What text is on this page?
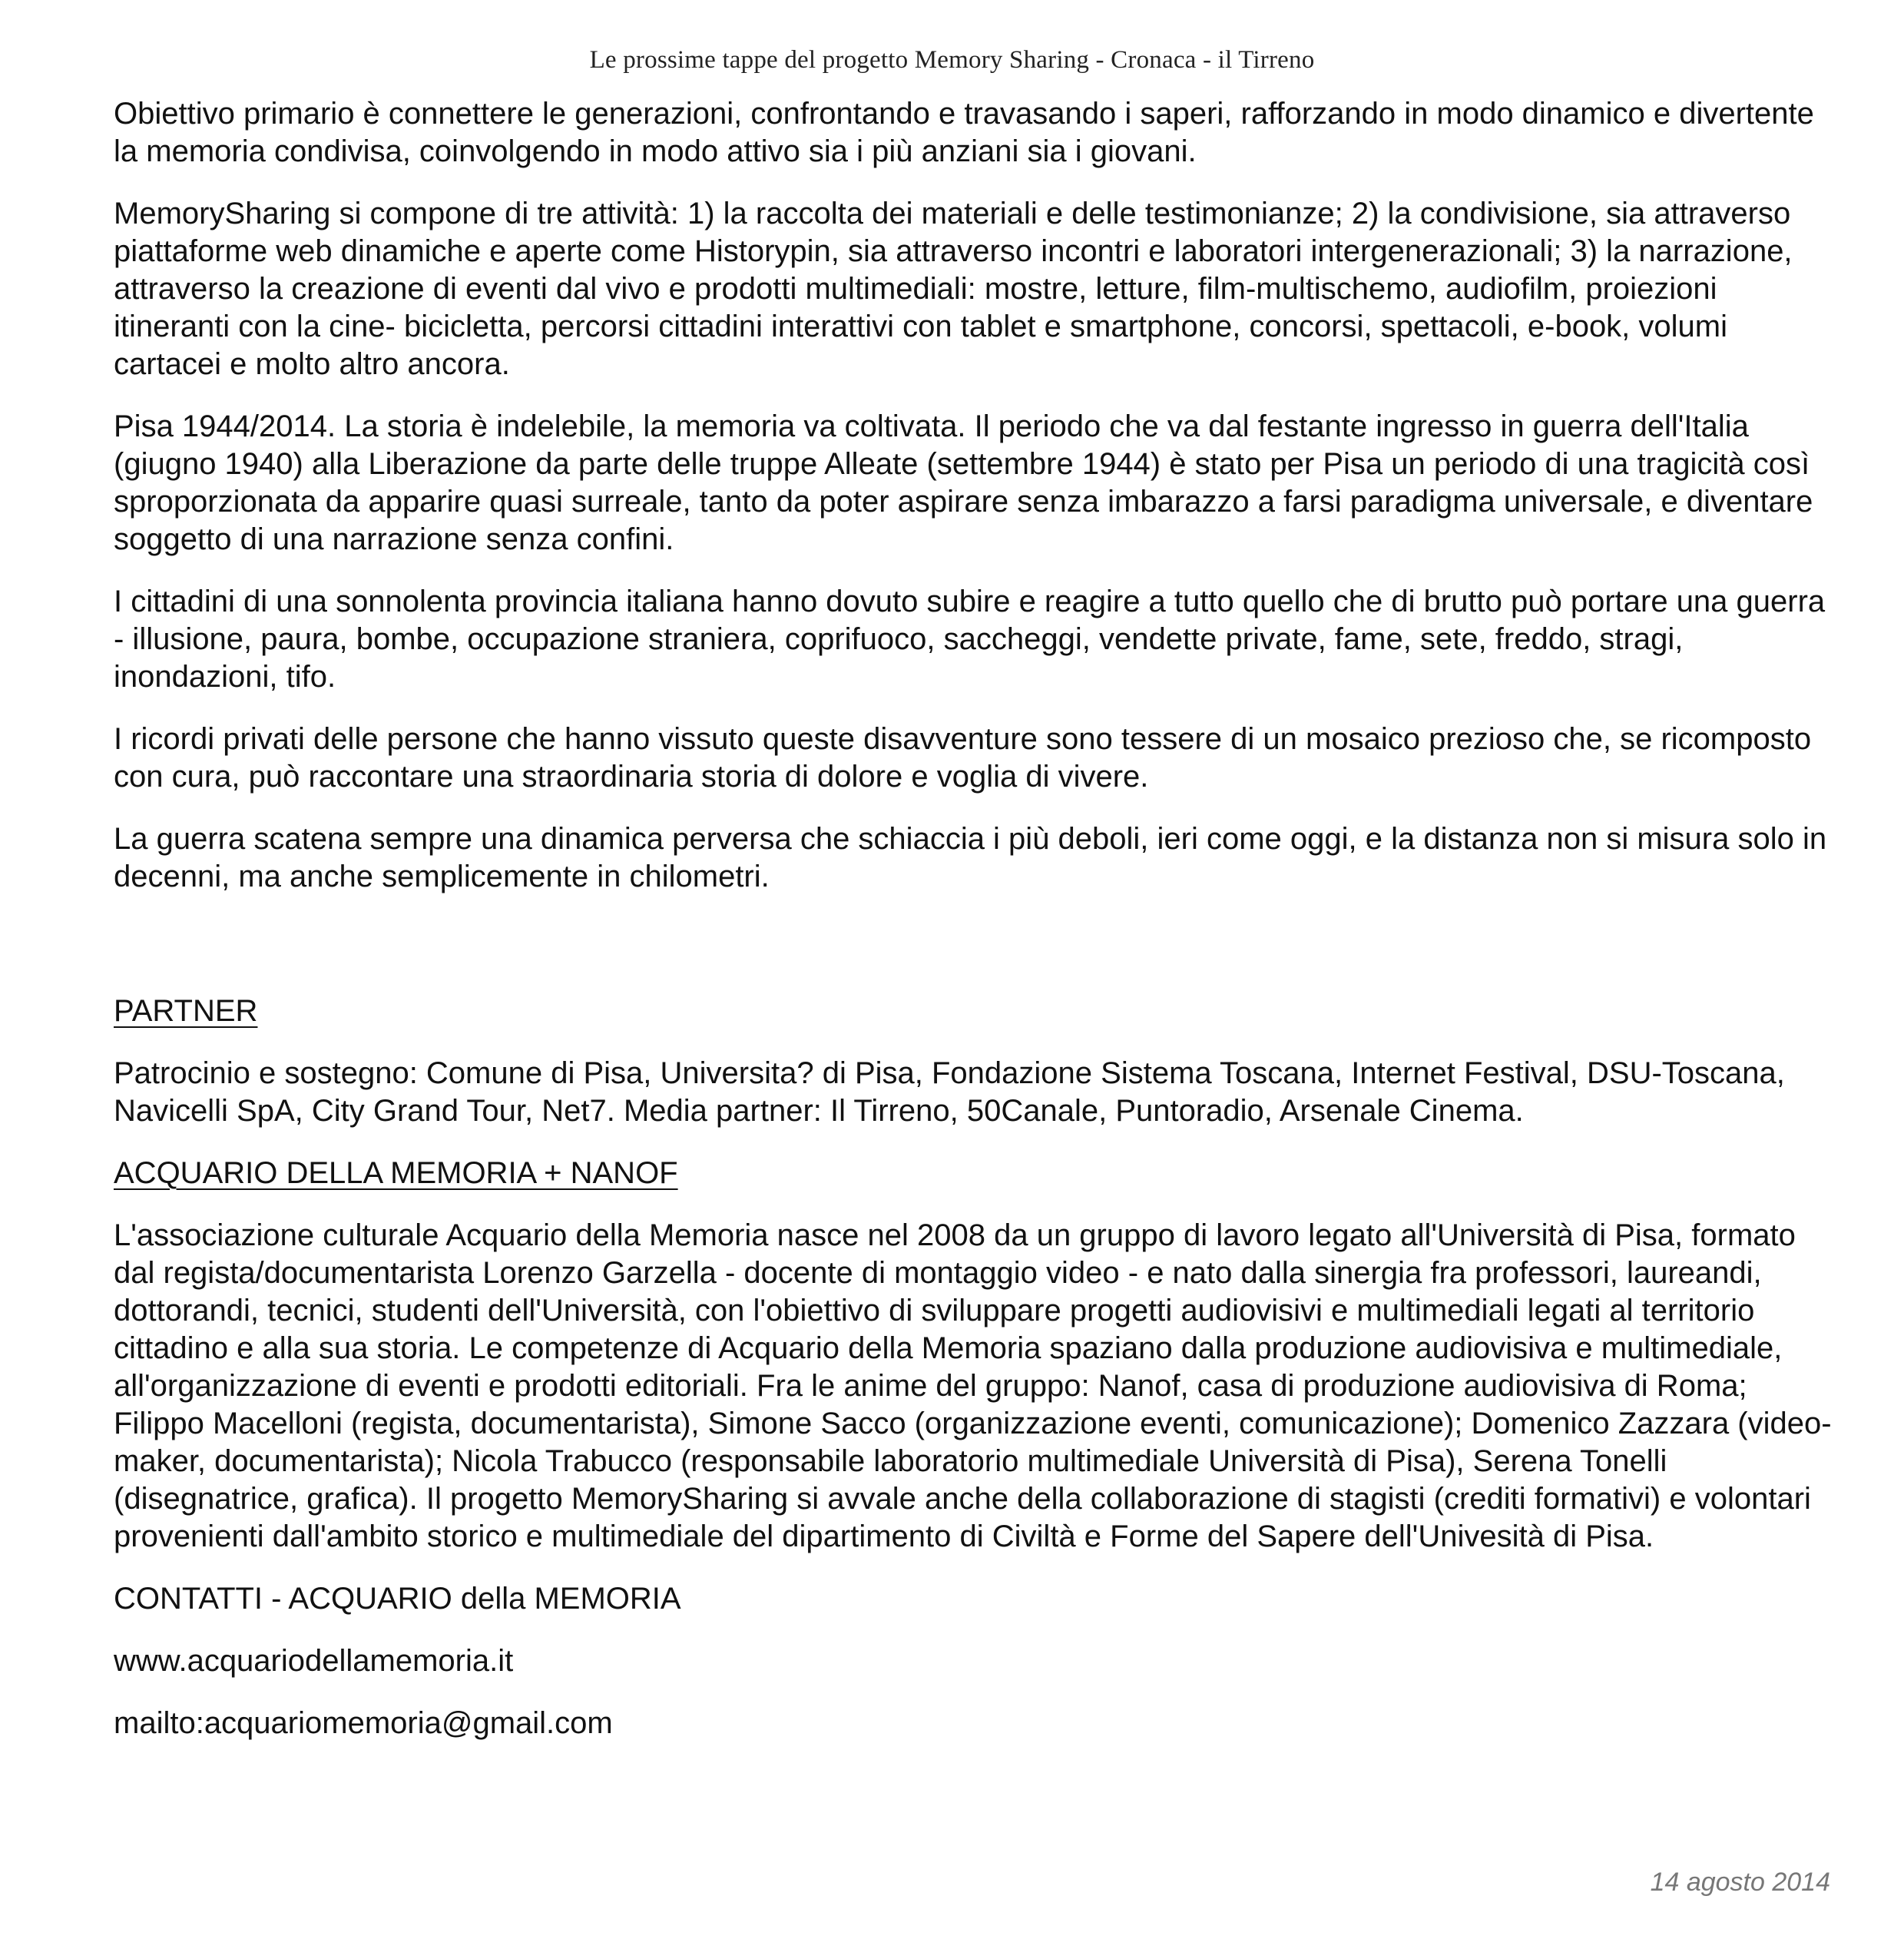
Le prossime tappe del progetto Memory Sharing - Cronaca - il Tirreno

Obiettivo primario è connettere le generazioni, confrontando e travasando i saperi, rafforzando in modo dinamico e divertente la memoria condivisa, coinvolgendo in modo attivo sia i più anziani sia i giovani.

MemorySharing si compone di tre attività: 1) la raccolta dei materiali e delle testimonianze; 2) la condivisione, sia attraverso piattaforme web dinamiche e aperte come Historypin, sia attraverso incontri e laboratori intergenerazionali; 3) la narrazione, attraverso la creazione di eventi dal vivo e prodotti multimediali: mostre, letture, film-multischemo, audiofilm, proiezioni itineranti con la cine- bicicletta, percorsi cittadini interattivi con tablet e smartphone, concorsi, spettacoli, e-book, volumi cartacei e molto altro ancora.

Pisa 1944/2014. La storia è indelebile, la memoria va coltivata. Il periodo che va dal festante ingresso in guerra dell'Italia (giugno 1940) alla Liberazione da parte delle truppe Alleate (settembre 1944) è stato per Pisa un periodo di una tragicità così sproporzionata da apparire quasi surreale, tanto da poter aspirare senza imbarazzo a farsi paradigma universale, e diventare soggetto di una narrazione senza confini.

I cittadini di una sonnolenta provincia italiana hanno dovuto subire e reagire a tutto quello che di brutto può portare una guerra - illusione, paura, bombe, occupazione straniera, coprifuoco, saccheggi, vendette private, fame, sete, freddo, stragi, inondazioni, tifo.

I ricordi privati delle persone che hanno vissuto queste disavventure sono tessere di un mosaico prezioso che, se ricomposto con cura, può raccontare una straordinaria storia di dolore e voglia di vivere.

La guerra scatena sempre una dinamica perversa che schiaccia i più deboli, ieri come oggi, e la distanza non si misura solo in decenni, ma anche semplicemente in chilometri.

PARTNER

Patrocinio e sostegno: Comune di Pisa, Universita? di Pisa, Fondazione Sistema Toscana, Internet Festival, DSU-Toscana, Navicelli SpA, City Grand Tour, Net7. Media partner: Il Tirreno, 50Canale, Puntoradio, Arsenale Cinema.

ACQUARIO DELLA MEMORIA + NANOF

L'associazione culturale Acquario della Memoria nasce nel 2008 da un gruppo di lavoro legato all'Università di Pisa, formato dal regista/documentarista Lorenzo Garzella - docente di montaggio video - e nato dalla sinergia fra professori, laureandi, dottorandi, tecnici, studenti dell'Università, con l'obiettivo di sviluppare progetti audiovisivi e multimediali legati al territorio cittadino e alla sua storia. Le competenze di Acquario della Memoria spaziano dalla produzione audiovisiva e multimediale, all'organizzazione di eventi e prodotti editoriali. Fra le anime del gruppo: Nanof, casa di produzione audiovisiva di Roma; Filippo Macelloni (regista, documentarista), Simone Sacco (organizzazione eventi, comunicazione); Domenico Zazzara (video-maker, documentarista); Nicola Trabucco (responsabile laboratorio multimediale Università di Pisa), Serena Tonelli (disegnatrice, grafica). Il progetto MemorySharing si avvale anche della collaborazione di stagisti (crediti formativi) e volontari provenienti dall'ambito storico e multimediale del dipartimento di Civiltà e Forme del Sapere dell'Univesità di Pisa.

CONTATTI - ACQUARIO della MEMORIA

www.acquariodellamemoria.it

mailto:acquariomemoria@gmail.com

14 agosto 2014
